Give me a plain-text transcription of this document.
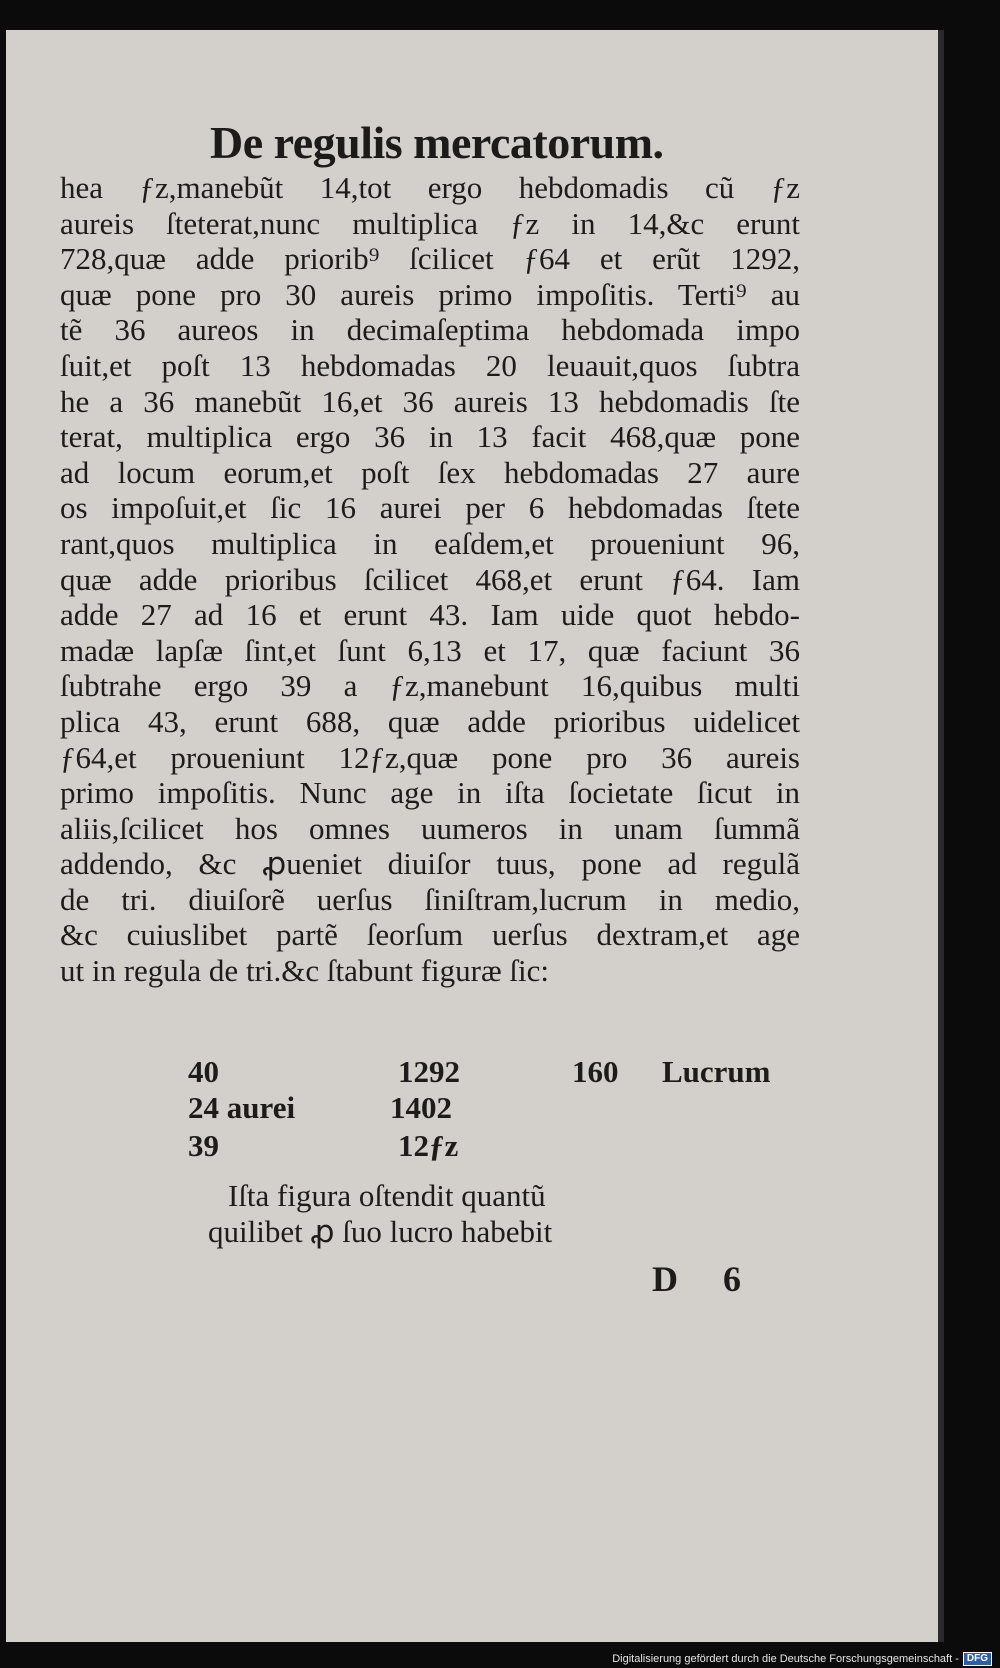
De regulis mercatorum.
hea ƒz,manebũt 14,tot ergo hebdomadis cũ ƒz
aureis ſteterat,nunc multiplica ƒz in 14,&c erunt
728,quæ adde priorib⁹ ſcilicet ƒ64 et erũt 1292,
quæ pone pro 30 aureis primo impoſitis. Terti⁹ au
tẽ 36 aureos in decimaſeptima hebdomada impo
ſuit,et poſt 13 hebdomadas 20 leuauit,quos ſubtra
he a 36 manebũt 16,et 36 aureis 13 hebdomadis ſte
terat, multiplica ergo 36 in 13 facit 468,quæ pone
ad locum eorum,et poſt ſex hebdomadas 27 aure
os impoſuit,et ſic 16 aurei per 6 hebdomadas ſtete
rant,quos multiplica in eaſdem,et proueniunt 96,
quæ adde prioribus ſcilicet 468,et erunt ƒ64. Iam
adde 27 ad 16 et erunt 43. Iam uide quot hebdo-
madæ lapſæ ſint,et ſunt 6,13 et 17, quæ faciunt 36
ſubtrahe ergo 39 a ƒz,manebunt 16,quibus multi
plica 43, erunt 688, quæ adde prioribus uidelicet
ƒ64,et proueniunt 12ƒz,quæ pone pro 36 aureis
primo impoſitis. Nunc age in iſta ſocietate ſicut in
aliis,ſcilicet hos omnes uumeros in unam ſummã
addendo, &c ꝓueniet diuiſor tuus, pone ad regulã
de tri. diuiſorẽ uerſus ſiniſtram,lucrum in medio,
&c cuiuslibet partẽ ſeorſum uerſus dextram,et age
ut in regula de tri.&c ſtabunt figuræ ſic:
40	1292	160 Lucrum
24 aurei	1402
39	12ƒz
Iſta figura oſtendit quantũ
quilibet ꝓ ſuo lucro habebit
D 6
Digitalisierung gefördert durch die Deutsche Forschungsgemeinschaft - DFG
